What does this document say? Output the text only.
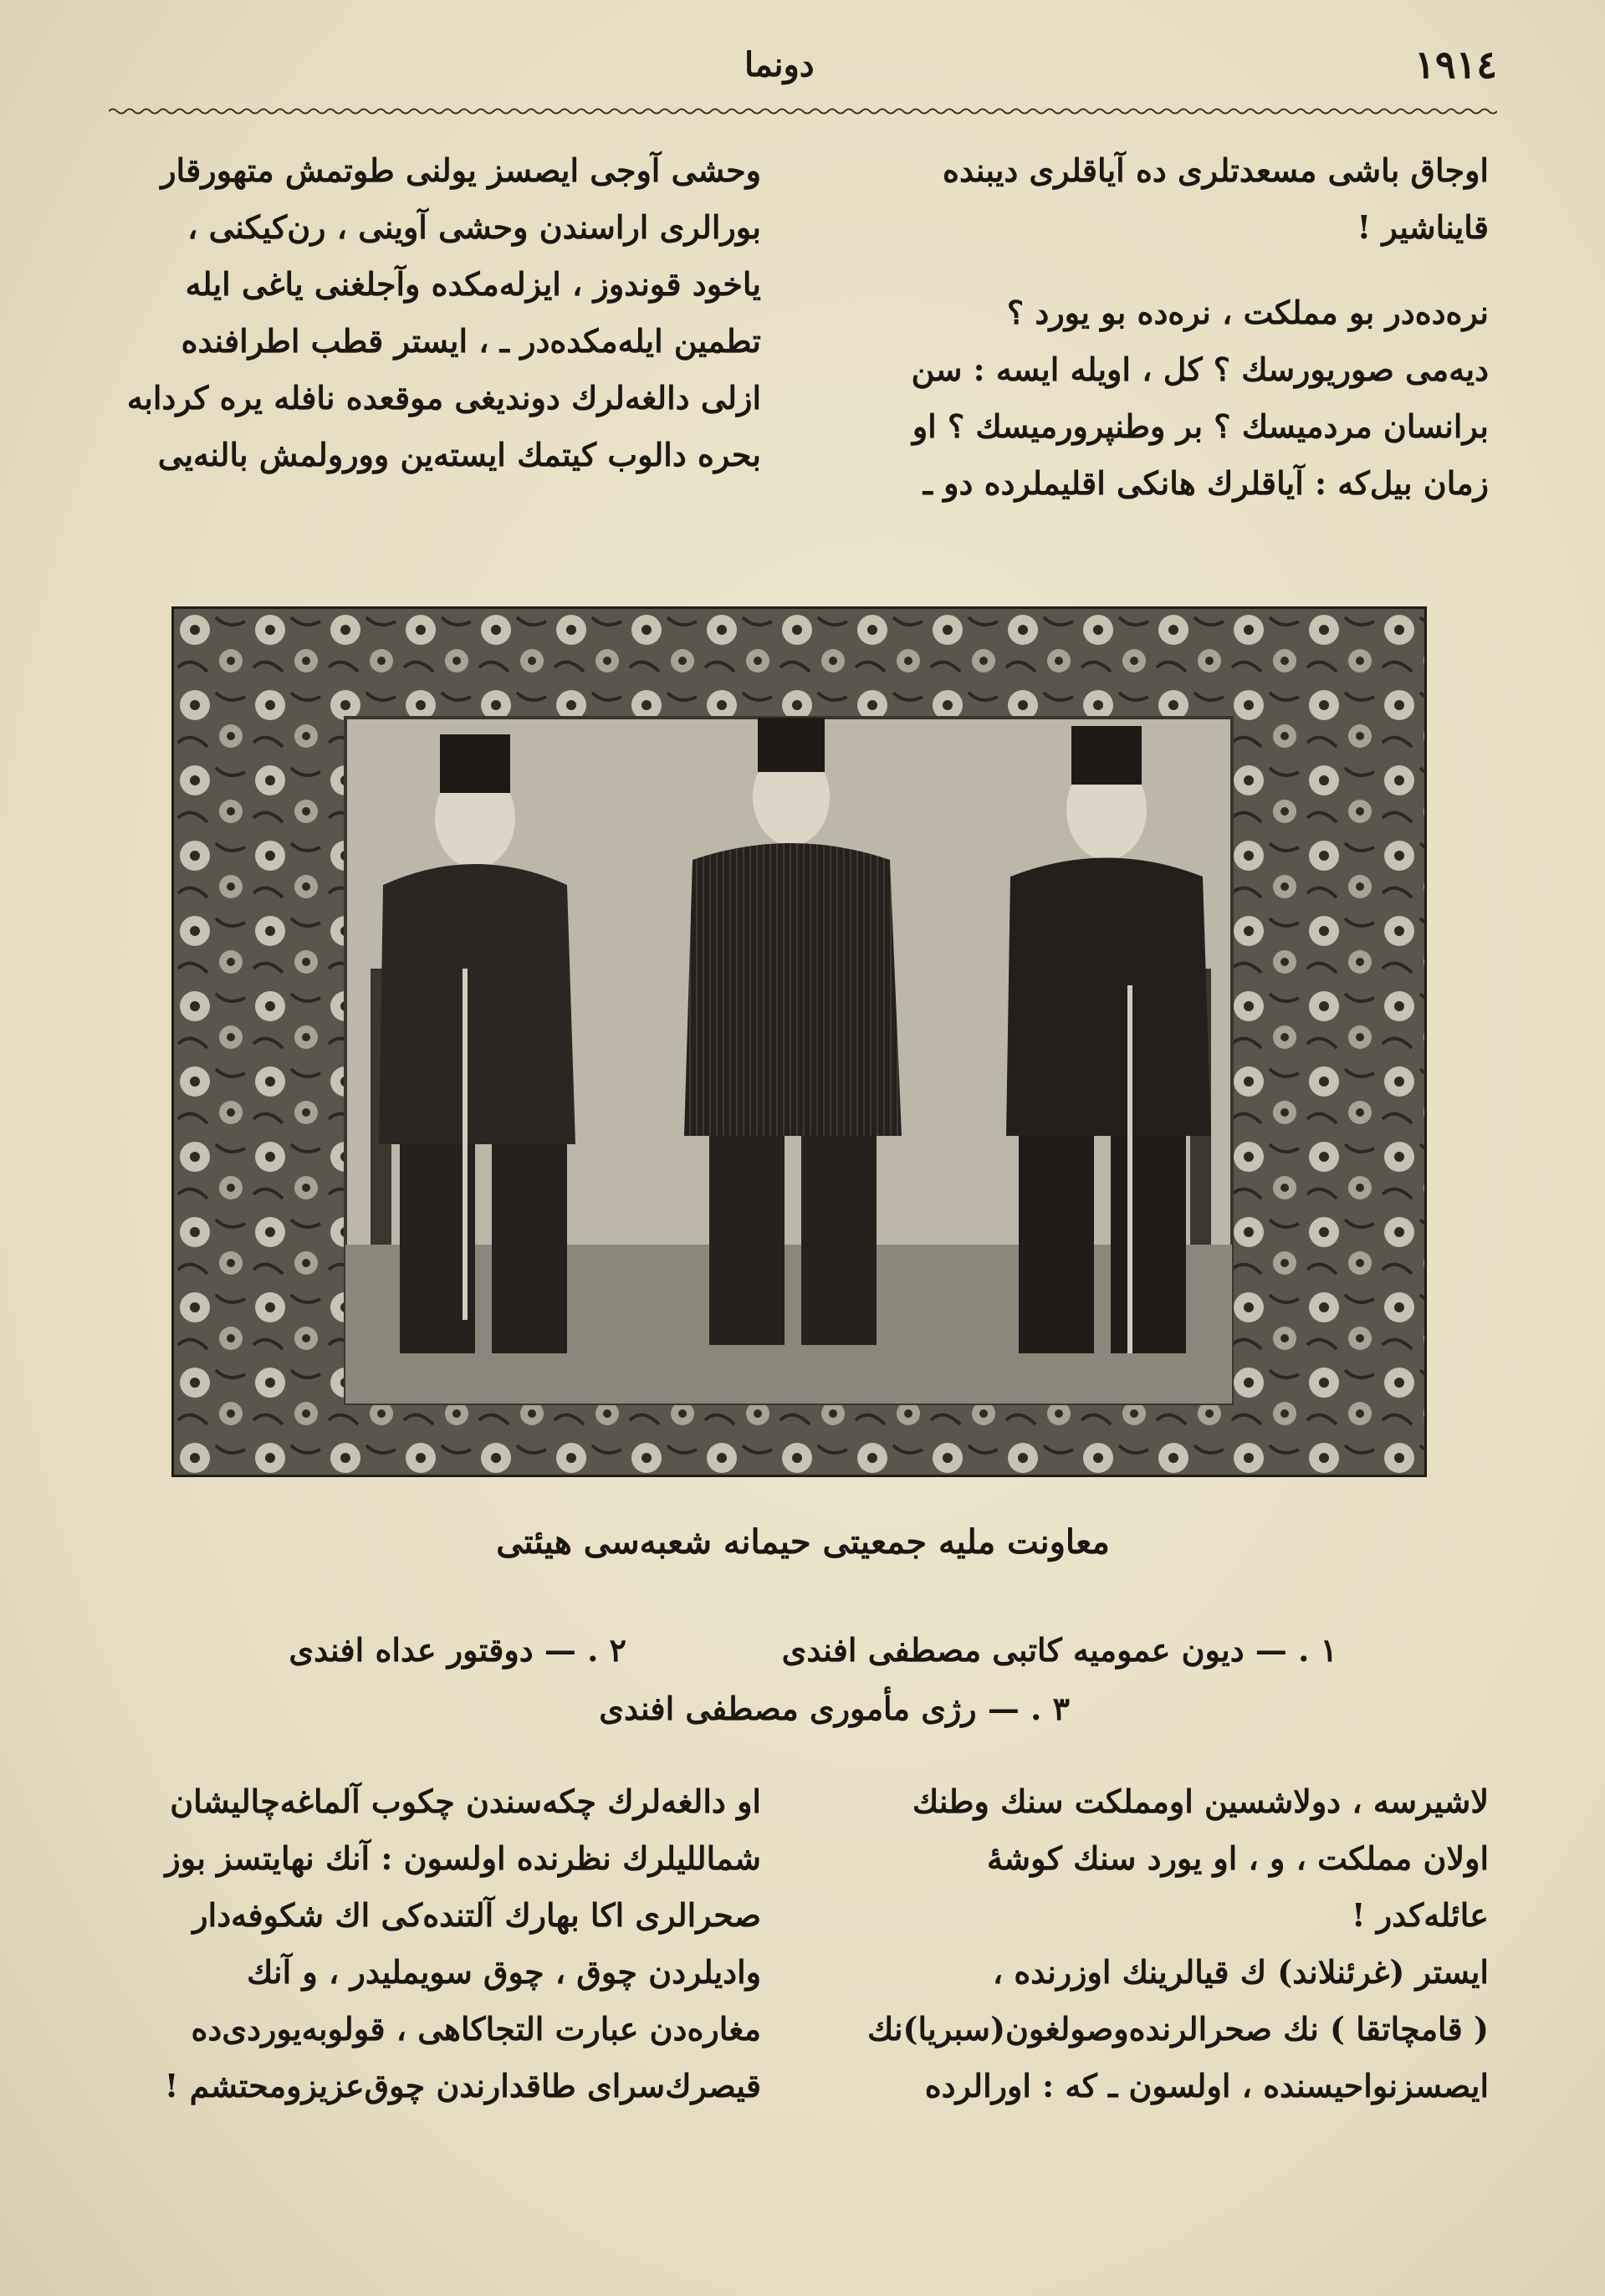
١٩١٤
دونما

اوجاق باشی مسعدتلری ده آیاقلری دیبنده

قایناشیر !

نره‌ده‌در بو مملکت ، نره‌ده بو یورد ؟

دیه‌می صوریورسك ؟ کل ، اویله ایسه : سن

برانسان مردمیسك ؟ بر وطنپرورمیسك ؟ او

زمان بیل‌که : آیاقلرك هانکی اقلیملرده دو ـ

وحشی آوجی ایصسز یولنی طوتمش متهورقار

بورالری اراسندن وحشی آوینی ، رن‌کیکنی ،

یاخود قوندوز ، ایزله‌مکده وآجلغنی یاغی ایله

تطمین ایله‌مکده‌در ـ ، ایستر قطب اطرافنده

ازلی دالغه‌لرك دوندیغی موقعده نافله یره کردابه

بحره دالوب کیتمك ایسته‌ین وورولمش بالنه‌یی

معاونت ملیه جمعیتی حیمانه شعبه‌سی هیئتی
١ . — دیون عمومیه کاتبی مصطفی افندی
٢ . — دوقتور عداه افندی
٣ . — رژی مأموری مصطفی افندی

لاشیرسه ، دولاشسین اومملکت سنك وطنك

اولان مملکت ، و ، او یورد سنك کوشهٔ

عائله‌کدر !

ایستر (غرئنلاند) ك قیالرینك اوزرنده ،

( قامچاتقا ) نك صحرالرنده‌وصولغون(سبریا)نك

ایصسزنواحیسنده ، اولسون ـ که : اورالرده

او دالغه‌لرك چکه‌سندن چکوب آلماغه‌چالیشان

شماللیلرك نظرنده اولسون : آنك نهایتسز بوز

صحرالری اکا بهارك آلتنده‌کی اك شکوفه‌دار

وادیلردن چوق ، چوق سویملیدر ، و آنك

مغاره‌دن عبارت التجاکاهی ، قولوبه‌یوردی‌ده

قیصرك‌سرای طاقدارندن چوق‌عزیزومحتشم !
